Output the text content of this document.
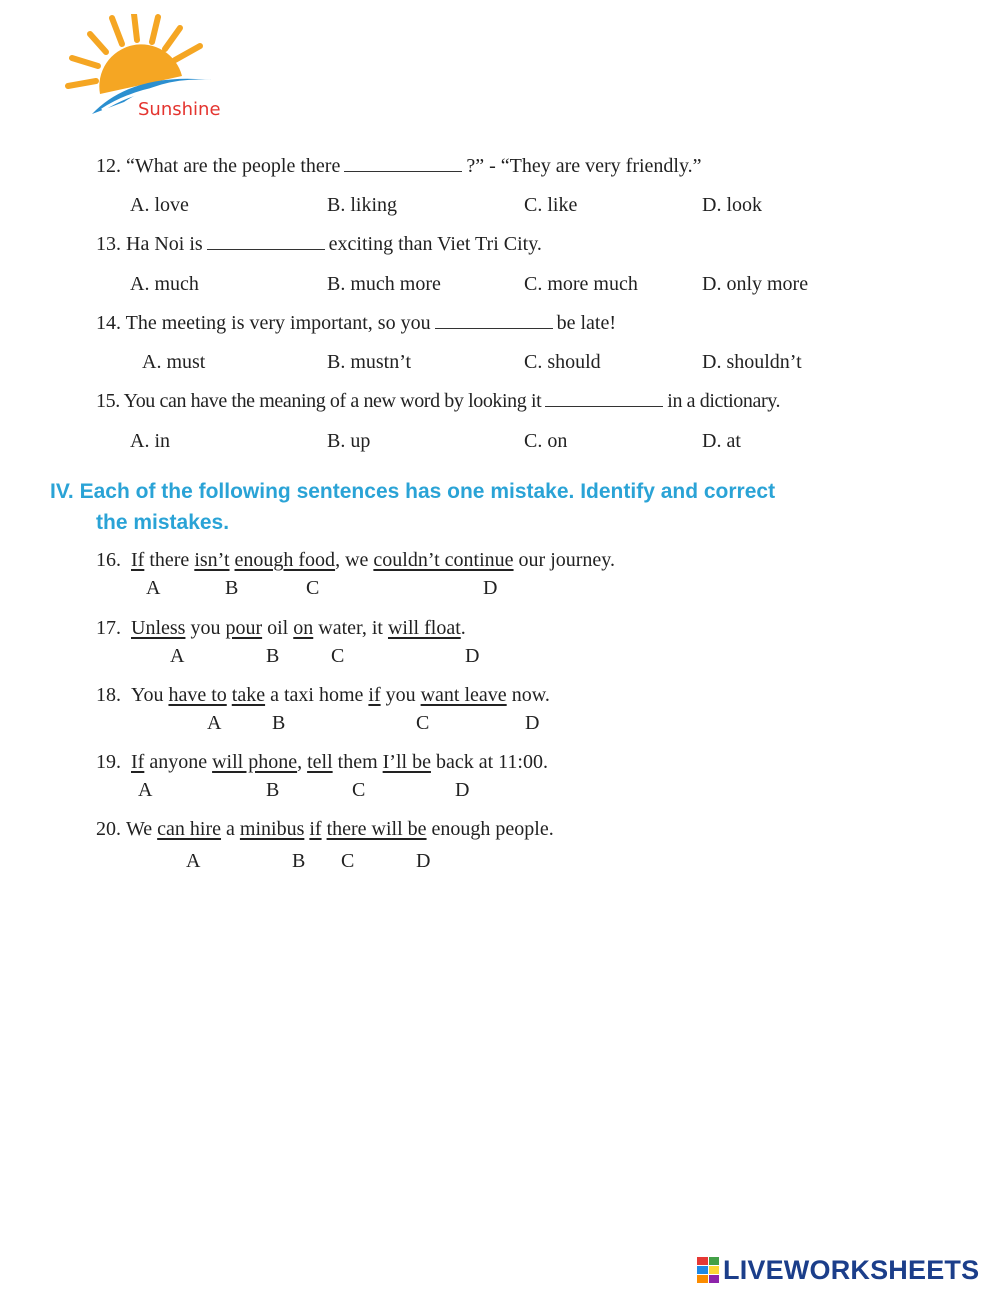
Sunshine
12. “What are the people there	?” - “They are very friendly.”
A. love	B. liking	C. like	D. look
13. Ha Noi is	exciting than Viet Tri City.
A. much	B. much more	C. more much	D. only more
14. The meeting is very important, so you	be late!
A. must	B. mustn’t	C. should	D. shouldn’t
15. You can have the meaning of a new word by looking it	in a dictionary.
A. in	B. up	C. on	D. at
IV. Each of the following sentences has one mistake. Identify and correct
the mistakes.
16. If there isn’t enough food, we couldn’t continue our journey.
A	B	C	D
17. Unless you pour oil on water, it will float.
A	B	C	D
18. You have to take a taxi home if you want leave now.
A	B	C	D
19. If anyone will phone, tell them I’ll be back at 11:00.
A	B	C	D
20. We can hire a minibus if there will be enough people.
A	B C	D
LIVEWORKSHEETS
